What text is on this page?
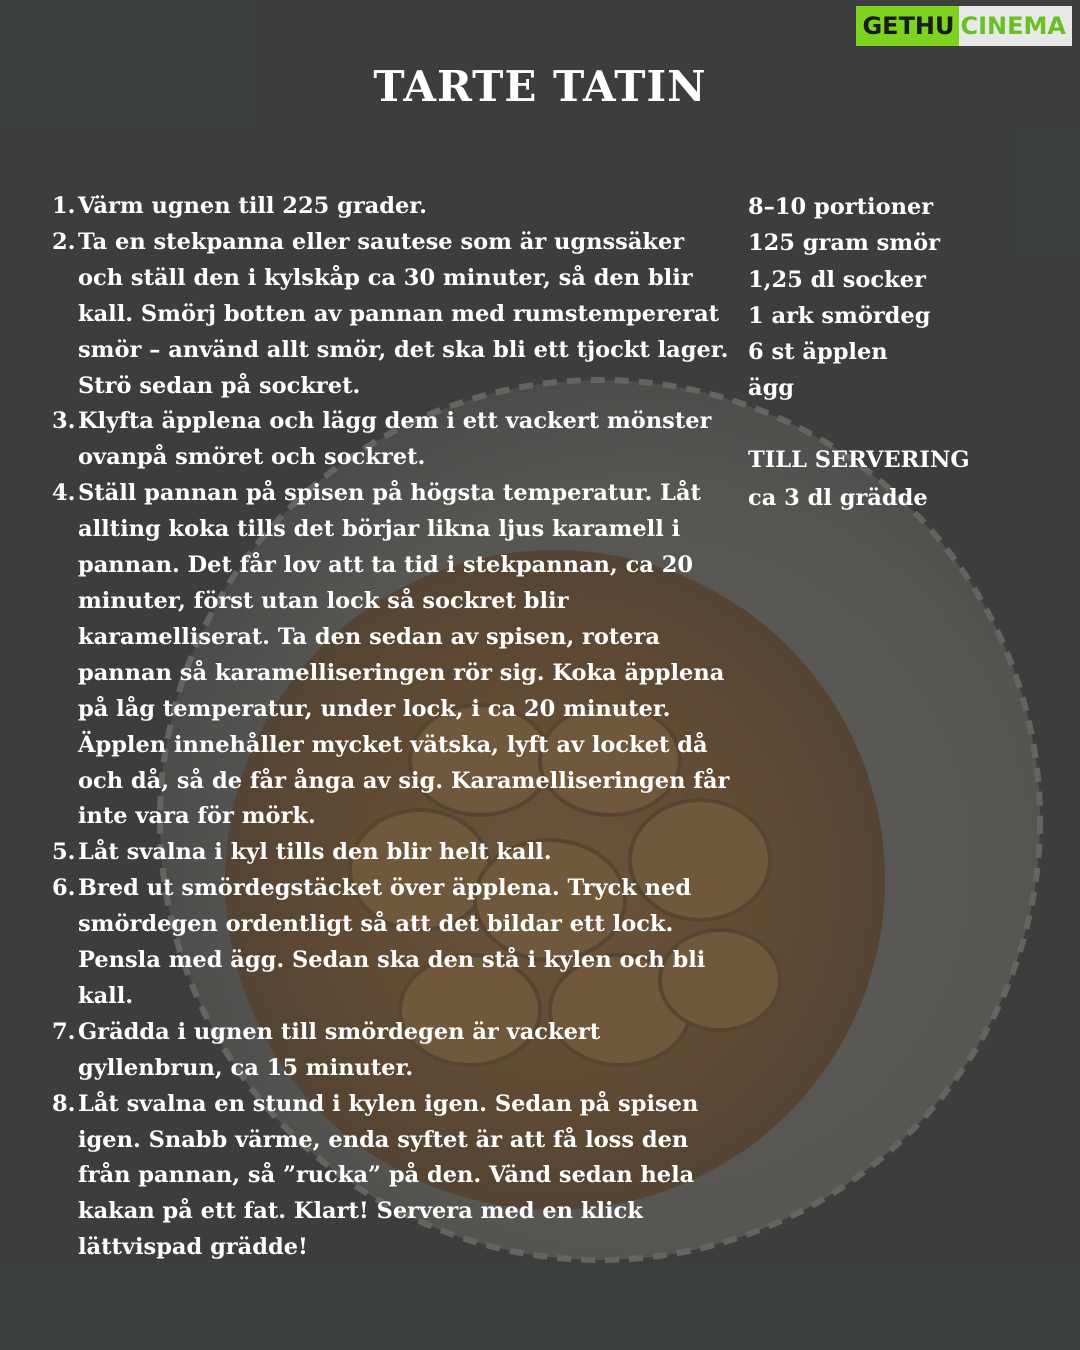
GETHU CINEMA
TARTE TATIN
1. Värm ugnen till 225 grader.
2. Ta en stekpanna eller sautese som är ugnssäker och ställ den i kylskåp ca 30 minuter, så den blir kall. Smörj botten av pannan med rumstempererat smör – använd allt smör, det ska bli ett tjockt lager. Strö sedan på sockret.
3. Klyfta äpplena och lägg dem i ett vackert mönster ovanpå smöret och sockret.
4. Ställ pannan på spisen på högsta temperatur. Låt allting koka tills det börjar likna ljus karamell i pannan. Det får lov att ta tid i stekpannan, ca 20 minuter, först utan lock så sockret blir karamelliserat. Ta den sedan av spisen, rotera pannan så karamelliseringen rör sig. Koka äpplena på låg temperatur, under lock, i ca 20 minuter. Äpplen innehåller mycket vätska, lyft av locket då och då, så de får ånga av sig. Karamelliseringen får inte vara för mörk.
5. Låt svalna i kyl tills den blir helt kall.
6. Bred ut smördegstäcket över äpplena. Tryck ned smördegen ordentligt så att det bildar ett lock. Pensla med ägg. Sedan ska den stå i kylen och bli kall.
7. Grädda i ugnen till smördegen är vackert gyllenbrun, ca 15 minuter.
8. Låt svalna en stund i kylen igen. Sedan på spisen igen. Snabb värme, enda syftet är att få loss den från pannan, så ”rucka” på den. Vänd sedan hela kakan på ett fat. Klart! Servera med en klick lättvispad grädde!
8–10 portioner
125 gram smör
1,25 dl socker
1 ark smördeg
6 st äpplen
ägg
TILL SERVERING
ca 3 dl grädde
